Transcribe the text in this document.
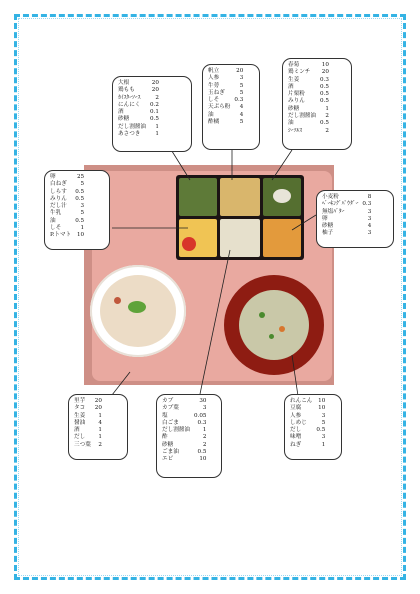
大根	20
鶏もも	20
ｶｲｽﾀｰｿｰｽ	2
にんにく	0.2
酒	0.1
砂糖	0.5
だし割醤油	1
あさつき	1
帆立	20
人参	3
牛蒡	5
玉ねぎ	5
しそ	0.3
天ぷら粉	4
油	4
酢橘	5
春菊	10
鶏ミンチ	20
生姜	0.3
酒	0.5
片栗粉	0.5
みりん	0.5
砂糖	1
だし割醤油	2
油	0.5
ｼｰｿﾙｽ	2
卵	25
白ねぎ	5
しらす	0.5
みりん	0.5
だし汁	3
牛乳	5
油	0.5
しそ	1
P.トマト	10
小麦粉	8
ﾍﾞｰｷﾝｸﾞﾊﾟｳﾀﾞｰ	0.3
無塩ﾊﾞﾀｰ	3
卵	3
砂糖	4
柚子	3
里芋	20
タコ	20
生姜	1
醤油	4
酒	1
だし	1
三つ葉	2
カブ	30
カブ葉	3
塩	0.05
白ごま	0.3
だし割醤油	1
酢	2
砂糖	2
ごま油	0.5
エビ	10
れんこん	10
豆腐	10
人参	3
しめじ	5
だし	0.5
味噌	3
ねぎ	1
